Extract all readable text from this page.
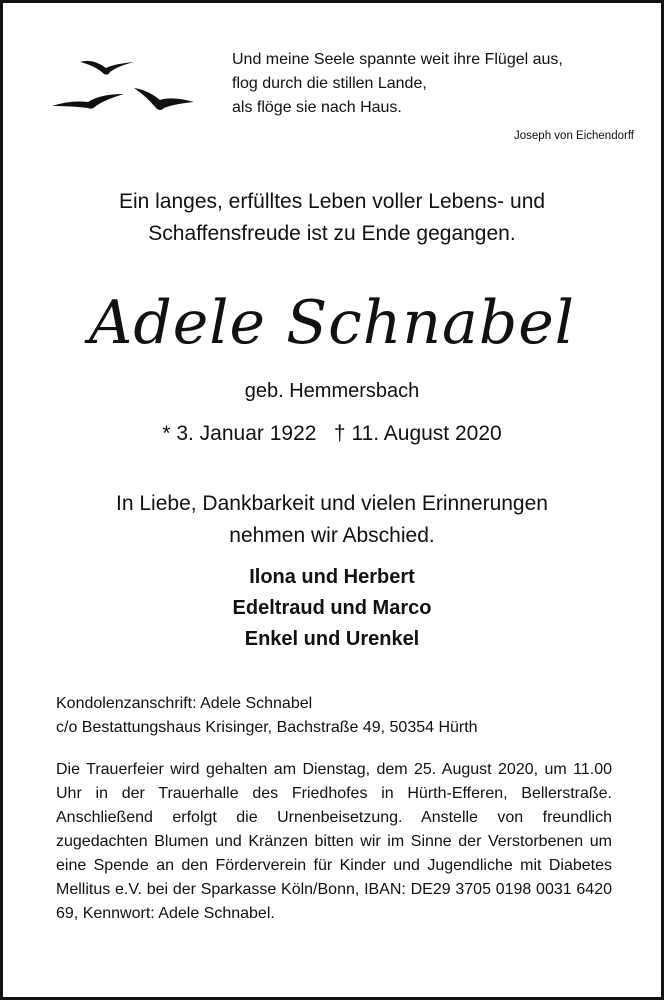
Und meine Seele spannte weit ihre Flügel aus,
flog durch die stillen Lande,
als flöge sie nach Haus.
Joseph von Eichendorff
Ein langes, erfülltes Leben voller Lebens- und
Schaffensfreude ist zu Ende gegangen.
Adele Schnabel
geb. Hemmersbach
* 3. Januar 1922   † 11. August 2020
In Liebe, Dankbarkeit und vielen Erinnerungen
nehmen wir Abschied.
Ilona und Herbert
Edeltraud und Marco
Enkel und Urenkel
Kondolenzanschrift: Adele Schnabel
c/o Bestattungshaus Krisinger, Bachstraße 49, 50354 Hürth
Die Trauerfeier wird gehalten am Dienstag, dem 25. August 2020, um 11.00 Uhr in der Trauerhalle des Friedhofes in Hürth-Efferen, Bellerstraße. Anschließend erfolgt die Urnenbeisetzung. Anstelle von freundlich zugedachten Blumen und Kränzen bitten wir im Sinne der Verstorbenen um eine Spende an den Förderverein für Kinder und Jugendliche mit Diabetes Mellitus e.V. bei der Sparkasse Köln/Bonn, IBAN: DE29 3705 0198 0031 6420 69, Kennwort: Adele Schnabel.
